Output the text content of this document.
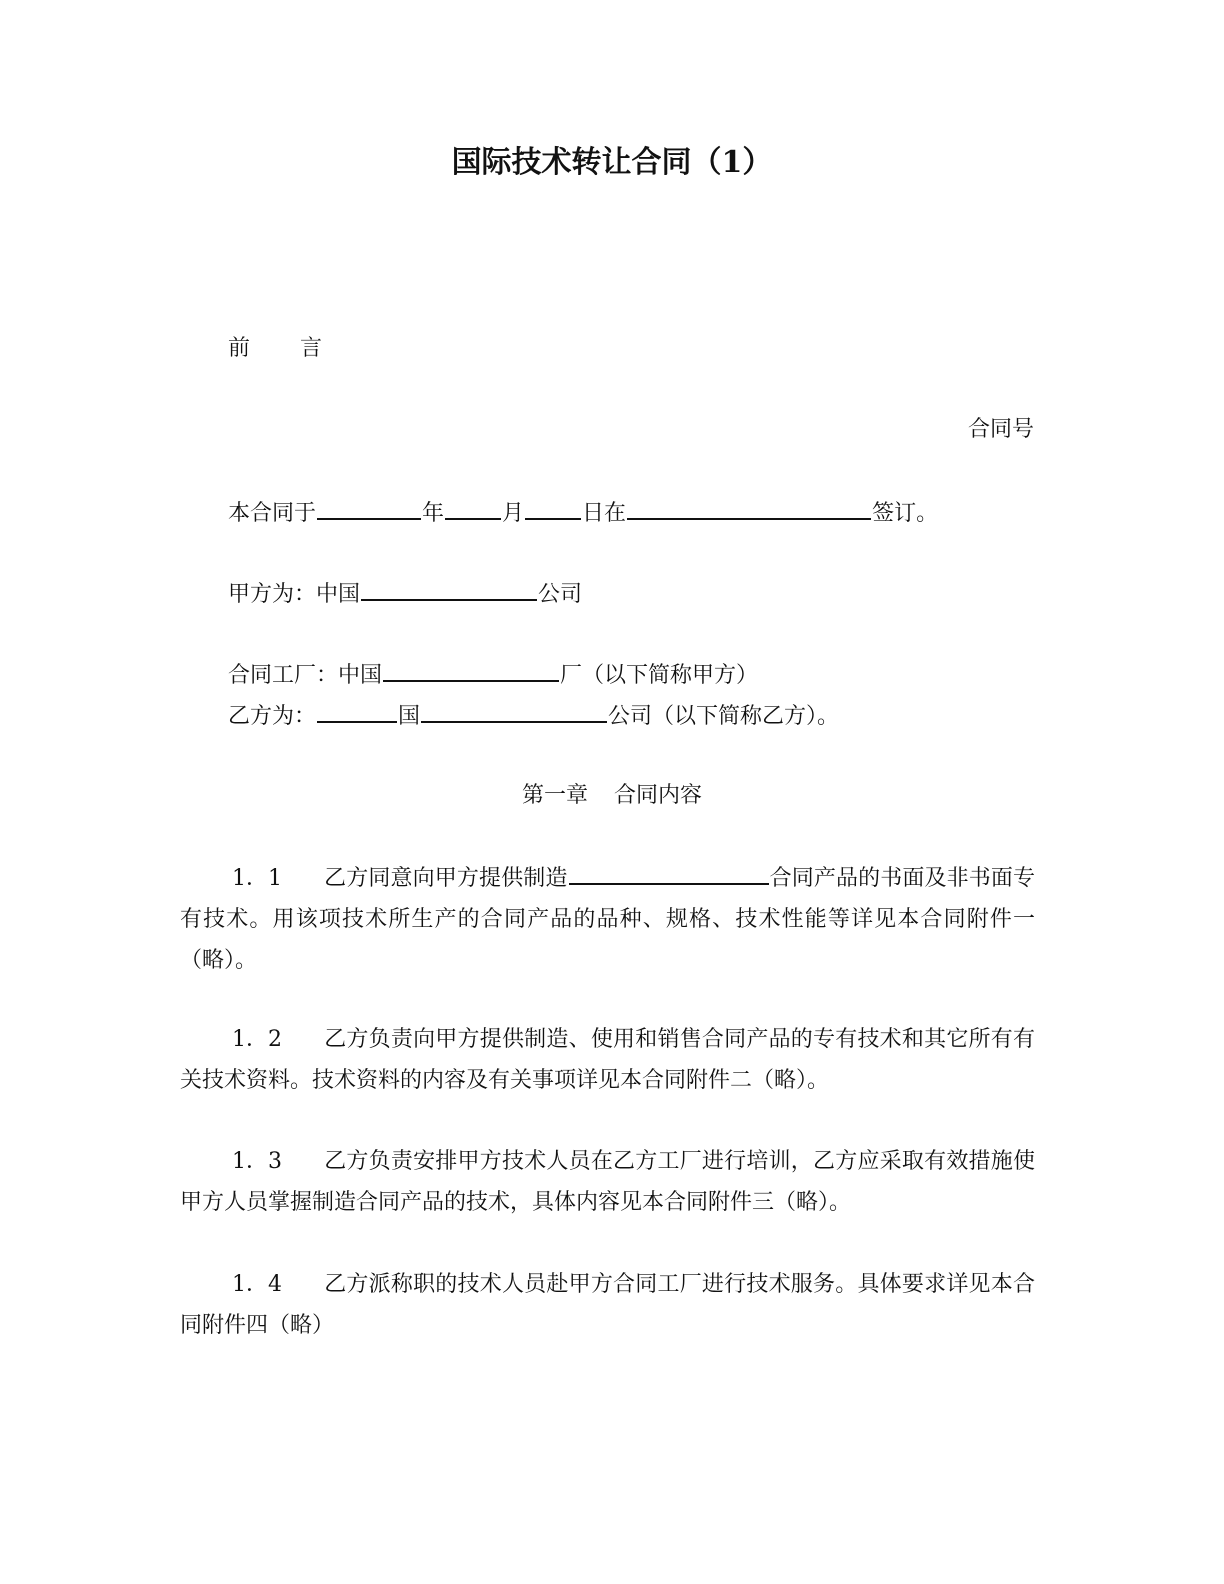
国际技术转让合同（1）
前 言
合同号
本合同于	年	月	日在	签订。
甲方为：中国	公司
合同工厂：中国	厂（以下简称甲方）
乙方为：	国	公司（以下简称乙方）。
第一章 合同内容
1．1 乙方同意向甲方提供制造	合同产品的书面及非书面专有技术。用该项技术所生产的合同产品的品种、规格、技术性能等详见本合同附件一（略）。
1．2 乙方负责向甲方提供制造、使用和销售合同产品的专有技术和其它所有有关技术资料。技术资料的内容及有关事项详见本合同附件二（略）。
1．3 乙方负责安排甲方技术人员在乙方工厂进行培训，乙方应采取有效措施使甲方人员掌握制造合同产品的技术，具体内容见本合同附件三（略）。
1．4 乙方派称职的技术人员赴甲方合同工厂进行技术服务。具体要求详见本合同附件四（略）
